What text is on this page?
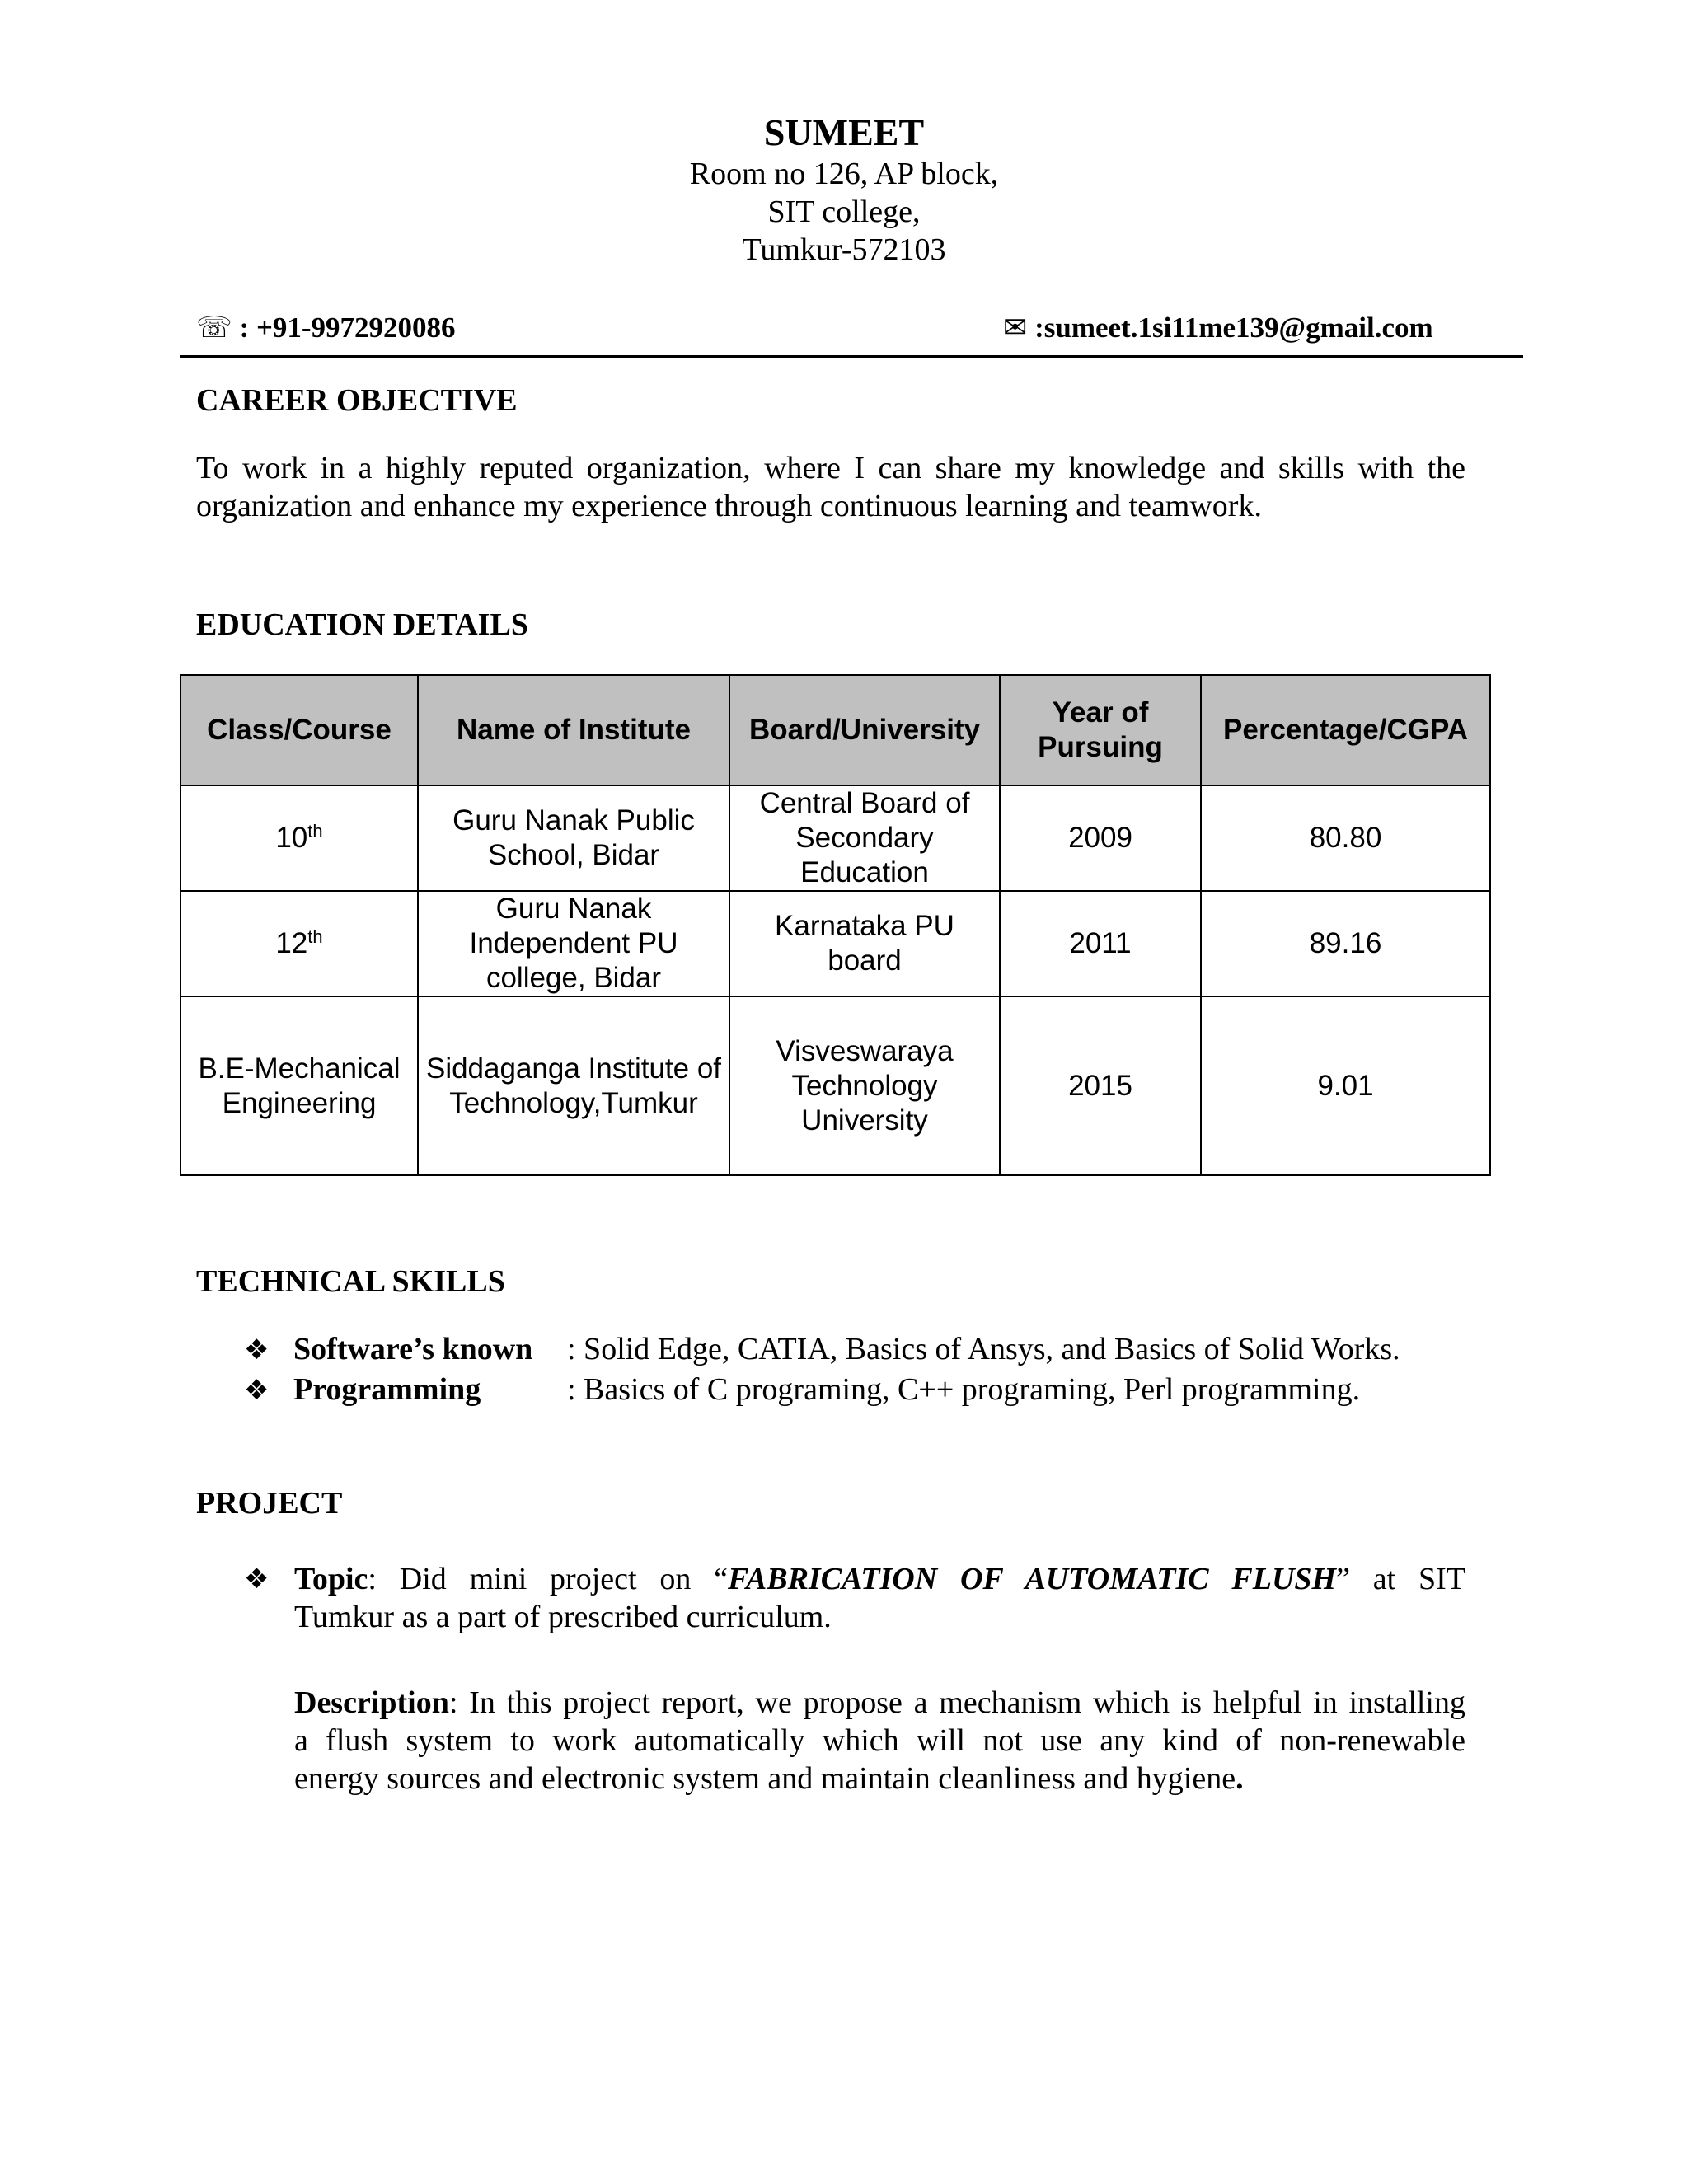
SUMEET
Room no 126, AP block,
SIT college,
Tumkur-572103
☏ : +91-9972920086	✉ :sumeet.1si11me139@gmail.com
CAREER OBJECTIVE
To work in a highly reputed organization, where I can share my knowledge and skills with the
organization and enhance my experience through continuous learning and teamwork.
EDUCATION DETAILS
Class/Course	Name of Institute	Board/University	Year of Pursuing	Percentage/CGPA
10th	Guru Nanak Public School, Bidar	Central Board of Secondary Education	2009	80.80
12th	Guru Nanak Independent PU college, Bidar	Karnataka PU board	2011	89.16
B.E-Mechanical Engineering	Siddaganga Institute of Technology,Tumkur	Visveswaraya Technology University	2015	9.01
TECHNICAL SKILLS
❖ Software’s known : Solid Edge, CATIA, Basics of Ansys, and Basics of Solid Works.
❖ Programming	: Basics of C programing, C++ programing, Perl programming.
PROJECT
❖ Topic: Did mini project on “FABRICATION OF AUTOMATIC FLUSH” at SIT
Tumkur as a part of prescribed curriculum.
Description: In this project report, we propose a mechanism which is helpful in installing
a flush system to work automatically which will not use any kind of non-renewable
energy sources and electronic system and maintain cleanliness and hygiene.
